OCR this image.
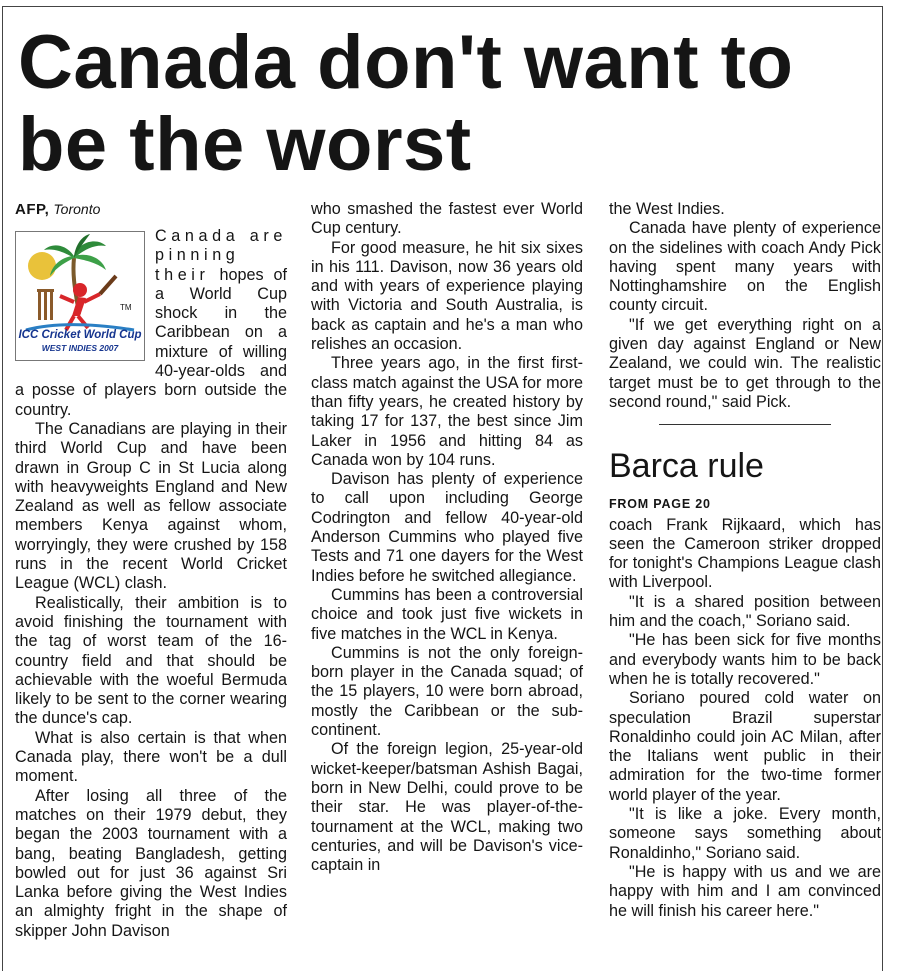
Canada don't want to be the worst
AFP, Toronto
TM
ICC Cricket World Cup
WEST INDIES 2007

Canada are pinning their hopes of a World Cup shock in the Caribbean on a mixture of willing 40-year-olds and a posse of players born outside the country.

The Canadians are playing in their third World Cup and have been drawn in Group C in St Lucia along with heavyweights England and New Zealand as well as fellow associate members Kenya against whom, worryingly, they were crushed by 158 runs in the recent World Cricket League (WCL) clash.

Realistically, their ambition is to avoid finishing the tournament with the tag of worst team of the 16-country field and that should be achievable with the woeful Bermuda likely to be sent to the corner wearing the dunce's cap.

What is also certain is that when Canada play, there won't be a dull moment.

After losing all three of the matches on their 1979 debut, they began the 2003 tournament with a bang, beating Bangladesh, getting bowled out for just 36 against Sri Lanka before giving the West Indies an almighty fright in the shape of skipper John Davison

who smashed the fastest ever World Cup century.

For good measure, he hit six sixes in his 111. Davison, now 36 years old and with years of experience playing with Victoria and South Australia, is back as captain and he's a man who relishes an occasion.

Three years ago, in the first first-class match against the USA for more than fifty years, he created history by taking 17 for 137, the best since Jim Laker in 1956 and hitting 84 as Canada won by 104 runs.

Davison has plenty of experience to call upon including George Codrington and fellow 40-year-old Anderson Cummins who played five Tests and 71 one dayers for the West Indies before he switched allegiance.

Cummins has been a controversial choice and took just five wickets in five matches in the WCL in Kenya.

Cummins is not the only foreign-born player in the Canada squad; of the 15 players, 10 were born abroad, mostly the Caribbean or the sub-continent.

Of the foreign legion, 25-year-old wicket-keeper/batsman Ashish Bagai, born in New Delhi, could prove to be their star. He was player-of-the-tournament at the WCL, making two centuries, and will be Davison's vice-captain in

the West Indies.

Canada have plenty of experience on the sidelines with coach Andy Pick having spent many years with Nottinghamshire on the English county circuit.

"If we get everything right on a given day against England or New Zealand, we could win. The realistic target must be to get through to the second round," said Pick.

Barca rule
FROM PAGE 20

coach Frank Rijkaard, which has seen the Cameroon striker dropped for tonight's Champions League clash with Liverpool.

"It is a shared position between him and the coach," Soriano said.

"He has been sick for five months and everybody wants him to be back when he is totally recovered."

Soriano poured cold water on speculation Brazil superstar Ronaldinho could join AC Milan, after the Italians went public in their admiration for the two-time former world player of the year.

"It is like a joke. Every month, someone says something about Ronaldinho," Soriano said.

"He is happy with us and we are happy with him and I am convinced he will finish his career here."
